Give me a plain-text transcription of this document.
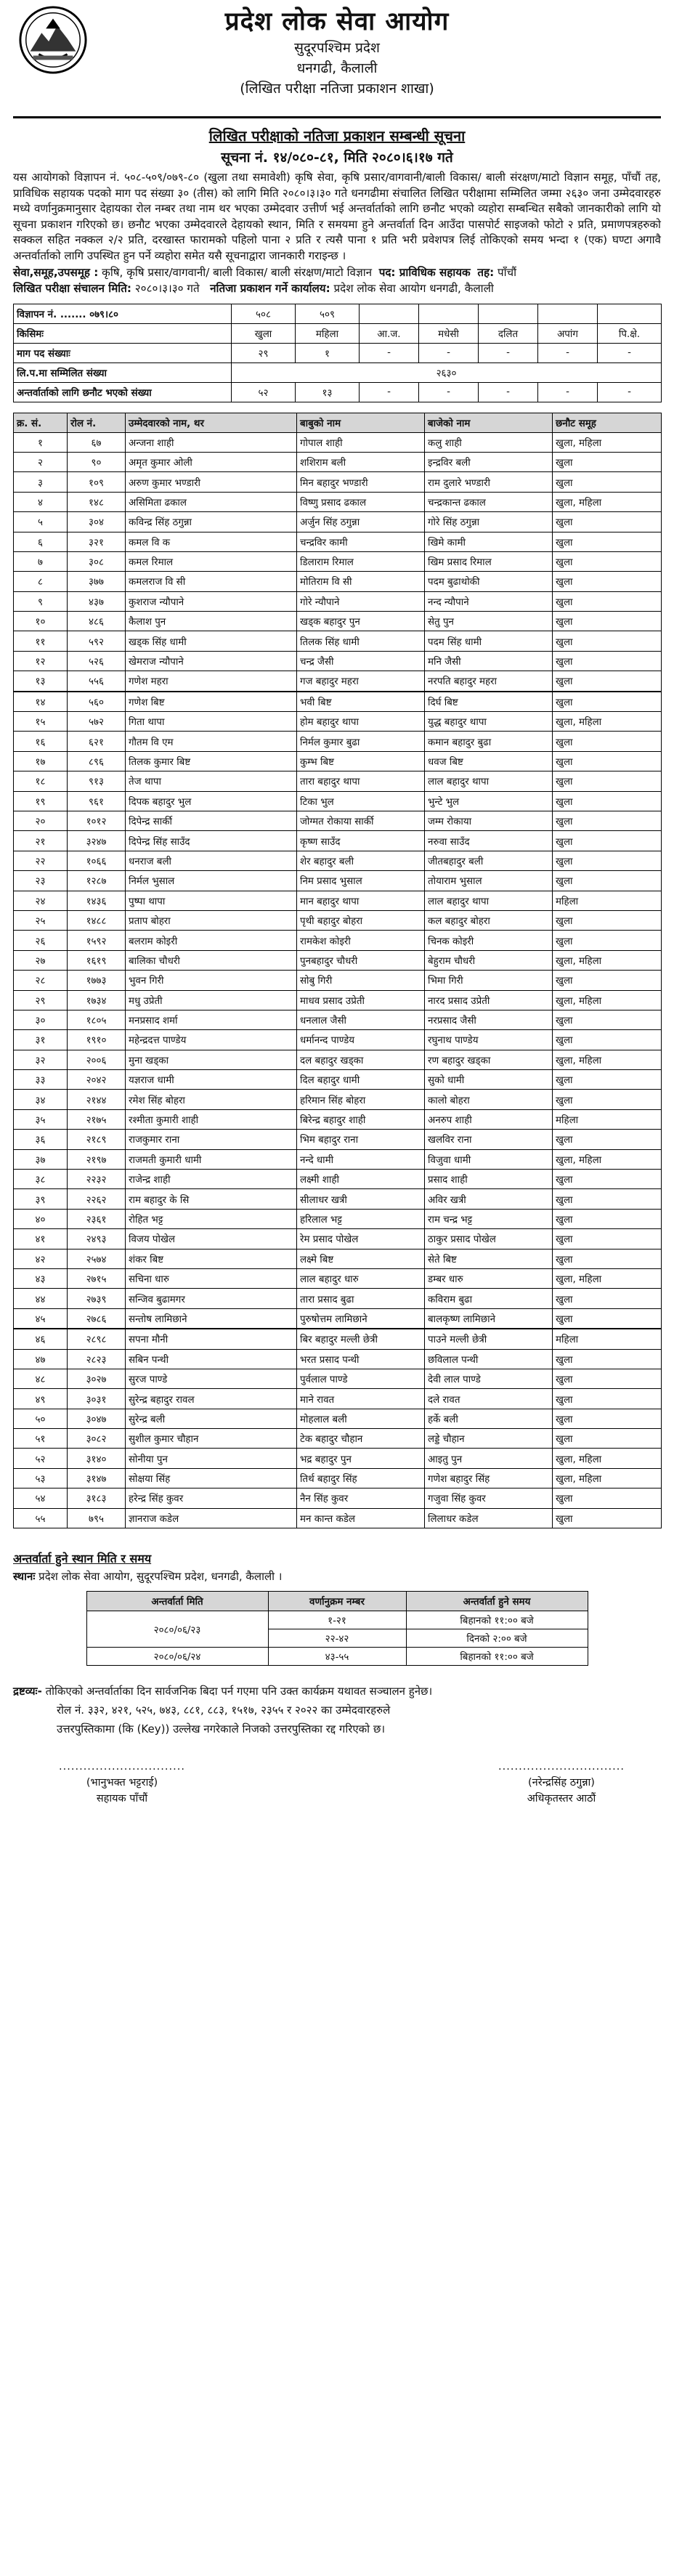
प्रदेश लोक सेवा आयोग
सुदूरपश्चिम प्रदेश
धनगढी, कैलाली
(लिखित परीक्षा नतिजा प्रकाशन शाखा)
लिखित परीक्षाको नतिजा प्रकाशन सम्बन्धी सूचना
सूचना नं. १४/०८०-८१, मिति २०८०।६।१७ गते

यस आयोगको विज्ञापन नं. ५०८-५०९/०७९-८० (खुला तथा समावेशी) कृषि सेवा, कृषि प्रसार/वागवानी/बाली विकास/ बाली संरक्षण/माटो विज्ञान समूह, पाँचौं तह, प्राविधिक सहायक पदको माग पद संख्या ३० (तीस) को लागि मिति २०८०।३।३० गते धनगढीमा संचालित लिखित परीक्षामा सम्मिलित जम्मा २६३० जना उम्मेदवारहरु मध्ये वर्णानुक्रमानुसार देहायका रोल नम्बर तथा नाम थर भएका उम्मेदवार उत्तीर्ण भई अन्तर्वार्ताको लागि छनौट भएको व्यहोरा सम्बन्धित सबैको जानकारीको लागि यो सूचना प्रकाशन गरिएको छ। छनौट भएका उम्मेदवारले देहायको स्थान, मिति र समयमा हुने अन्तर्वार्ता दिन आउँदा पासपोर्ट साइजको फोटो २ प्रति, प्रमाणपत्रहरुको सक्कल सहित नक्कल २/२ प्रति, दरखास्त फारामको पहिलो पाना २ प्रति र त्यसै पाना १ प्रति भरी प्रवेशपत्र लिई तोकिएको समय भन्दा १ (एक) घण्टा अगावै अन्तर्वार्ताको लागि उपस्थित हुन पर्ने व्यहोरा समेत यसै सूचनाद्वारा जानकारी गराइन्छ ।

सेवा,समूह,उपसमूह : कृषि, कृषि प्रसार/वागवानी/ बाली विकास/ बाली संरक्षण/माटो विज्ञान पद: प्राविधिक सहायक तह: पाँचौं

लिखित परीक्षा संचालन मिति: २०८०।३।३० गते नतिजा प्रकाशन गर्ने कार्यालय: प्रदेश लोक सेवा आयोग धनगढी, कैलाली

विज्ञापन नं. ....... ०७९।८०	५०८	५०९					
किसिमः	खुला	महिला	आ.ज.	मधेसी	दलित	अपांग	पि.क्षे.
माग पद संख्याः	२९	१	-	-	-	-	-
लि.प.मा सम्मिलित संख्या	२६३०						
अन्तर्वार्ताको लागि छनौट भएको संख्या	५२	१३	-	-	-	-	-
क्र. सं.	रोल नं.	उम्मेदवारको नाम, थर	बाबुको नाम	बाजेको नाम	छनौट समूह
१	६७	अन्जना शाही	गोपाल शाही	कलु शाही	खुला, महिला
२	९०	अमृत कुमार ओली	शशिराम बली	इन्द्रविर बली	खुला
३	१०९	अरुण कुमार भण्डारी	मिन बहादुर भण्डारी	राम दुलारे भण्डारी	खुला
४	१४८	असिमिता ढकाल	विष्णु प्रसाद ढकाल	चन्द्रकान्त ढकाल	खुला, महिला
५	३०४	कविन्द्र सिंह ठगुन्ना	अर्जुन सिंह ठगुन्ना	गोरे सिंह ठगुन्ना	खुला
६	३२१	कमल वि क	चन्द्रविर कामी	खिमे कामी	खुला
७	३०८	कमल रिमाल	डिलाराम रिमाल	खिम प्रसाद रिमाल	खुला
८	३७७	कमलराज वि सी	मोतिराम वि सी	पदम बुढाथोकी	खुला
९	४३७	कुशराज न्यौपाने	गोरे न्यौपाने	नन्द न्यौपाने	खुला
१०	४८६	कैलाश पुन	खड्क बहादुर पुन	सेतु पुन	खुला
११	५९२	खड्क सिंह धामी	तिलक सिंह धामी	पदम सिंह धामी	खुला
१२	५२६	खेमराज न्यौपाने	चन्द्र जैसी	मनि जैसी	खुला
१३	५५६	गणेश महरा	गज बहादुर महरा	नरपति बहादुर महरा	खुला
१४	५६०	गणेश बिष्ट	भवी बिष्ट	दिर्घ बिष्ट	खुला
१५	५७२	गिता थापा	होम बहादुर थापा	युद्ध बहादुर थापा	खुला, महिला
१६	६२१	गौतम वि एम	निर्मल कुमार बुढा	कमान बहादुर बुढा	खुला
१७	८९६	तिलक कुमार बिष्ट	कुम्भ बिष्ट	धवज बिष्ट	खुला
१८	९१३	तेज थापा	तारा बहादुर थापा	लाल बहादुर थापा	खुला
१९	९६१	दिपक बहादुर भुल	टिका भुल	भुन्टे भुल	खुला
२०	१०१२	दिपेन्द्र सार्की	जोग्मत रोकाया सार्की	जम्म रोकाया	खुला
२१	३२४७	दिपेन्द्र सिंह साउँद	कृष्ण साउँद	नरुवा साउँद	खुला
२२	१०६६	धनराज बली	शेर बहादुर बली	जीतबहादुर बली	खुला
२३	१२८७	निर्मल भुसाल	निम प्रसाद भुसाल	तोयाराम भुसाल	खुला
२४	१४३६	पुष्पा थापा	मान बहादुर थापा	लाल बहादुर थापा	महिला
२५	१४८८	प्रताप बोहरा	पृथी बहादुर बोहरा	कल बहादुर बोहरा	खुला
२६	१५९२	बलराम कोइरी	रामकेश कोइरी	चिनक कोइरी	खुला
२७	१६१९	बालिका चौधरी	पुनबहादुर चौधरी	बेहुराम चौधरी	खुला, महिला
२८	१७७३	भुवन गिरी	सोबु गिरी	भिमा गिरी	खुला
२९	१७३४	मधु उप्रेती	माधव प्रसाद उप्रेती	नारद प्रसाद उप्रेती	खुला, महिला
३०	१८०५	मनप्रसाद शर्मा	धनलाल जैसी	नरप्रसाद जैसी	खुला
३१	१९१०	महेन्द्रदत्त पाण्डेय	धर्मानन्द पाण्डेय	रघुनाथ पाण्डेय	खुला
३२	२००६	मुना खड्का	दल बहादुर खड्का	रण बहादुर खड्का	खुला, महिला
३३	२०४२	यज्ञराज धामी	दिल बहादुर धामी	सुको धामी	खुला
३४	२१४४	रमेश सिंह बोहरा	हरिमान सिंह बोहरा	कालो बोहरा	खुला
३५	२१७५	रश्मीता कुमारी शाही	बिरेन्द्र बहादुर शाही	अनरुप शाही	महिला
३६	२१८९	राजकुमार राना	भिम बहादुर राना	खलविर राना	खुला
३७	२१९७	राजमती कुमारी धामी	नन्दे धामी	विजुवा धामी	खुला, महिला
३८	२२३२	राजेन्द्र शाही	लक्ष्मी शाही	प्रसाद शाही	खुला
३९	२२६२	राम बहादुर के सि	सीलाधर खत्री	अविर खत्री	खुला
४०	२३६१	रोहित भट्ट	हरिलाल भट्ट	राम चन्द्र भट्ट	खुला
४१	२४९३	विजय पोखेल	रेम प्रसाद पोखेल	ठाकुर प्रसाद पोखेल	खुला
४२	२५७४	शंकर बिष्ट	लक्ष्मे बिष्ट	सेते बिष्ट	खुला
४३	२७१५	सचिना धारु	लाल बहादुर धारु	डम्बर धारु	खुला, महिला
४४	२७३९	सन्जिव बुढामगर	तारा प्रसाद बुढा	कविराम बुढा	खुला
४५	२७८६	सन्तोष लामिछाने	पुरुषोत्तम लामिछाने	बालकृष्ण लामिछाने	खुला
४६	२८९८	सपना मौनी	बिर बहादुर मल्ली छेत्री	पाउने मल्ली छेत्री	महिला
४७	२८२३	सबिन पन्थी	भरत प्रसाद पन्थी	छविलाल पन्थी	खुला
४८	३०२७	सुरज पाण्डे	पुर्वलाल पाण्डे	देवी लाल पाण्डे	खुला
४९	३०३१	सुरेन्द्र बहादुर रावल	माने रावत	दले रावत	खुला
५०	३०४७	सुरेन्द्र बली	मोहलाल बली	हर्के बली	खुला
५१	३०८२	सुशील कुमार चौहान	टेक बहादुर चौहान	लड्डे चौहान	खुला
५२	३१४०	सोनीया पुन	भद्र बहादुर पुन	आइतु पुन	खुला, महिला
५३	३१४७	सोक्षया सिंह	तिर्थ बहादुर सिंह	गणेश बहादुर सिंह	खुला, महिला
५४	३१८३	हरेन्द्र सिंह कुवर	नैन सिंह कुवर	गजुवा सिंह कुवर	खुला
५५	७९५	ज्ञानराज कडेल	मन कान्त कडेल	लिलाधर कडेल	खुला
अन्तर्वार्ता हुने स्थान मिति र समय
स्थानः प्रदेश लोक सेवा आयोग, सुदूरपश्चिम प्रदेश, धनगढी, कैलाली ।
अन्तर्वार्ता मिति	वर्णानुक्रम नम्बर	अन्तर्वार्ता हुने समय
२०८०/०६/२३	१-२१	बिहानको ११:०० बजे
	२२-४२	दिनको २:०० बजे
२०८०/०६/२४	४३-५५	बिहानको ११:०० बजे

द्रष्टव्यः- तोकिएको अन्तर्वार्ताका दिन सार्वजनिक बिदा पर्न गएमा पनि उक्त कार्यक्रम यथावत सञ्चालन हुनेछ।

रोल नं. ३३२, ४२१, ५२५, ७४३, ८८१, ८८३, १५१७, २३५५ र २०२२ का उम्मेदवारहरुले

उत्तरपुस्तिकामा (कि (Key)) उल्लेख नगरेकाले निजको उत्तरपुस्तिका रद्द गरिएको छ।

...............................
(भानुभक्त भट्टराई)
सहायक पाँचौं
...............................
(नरेन्द्रसिंह ठगुन्ना)
अधिकृतस्तर आठौं
